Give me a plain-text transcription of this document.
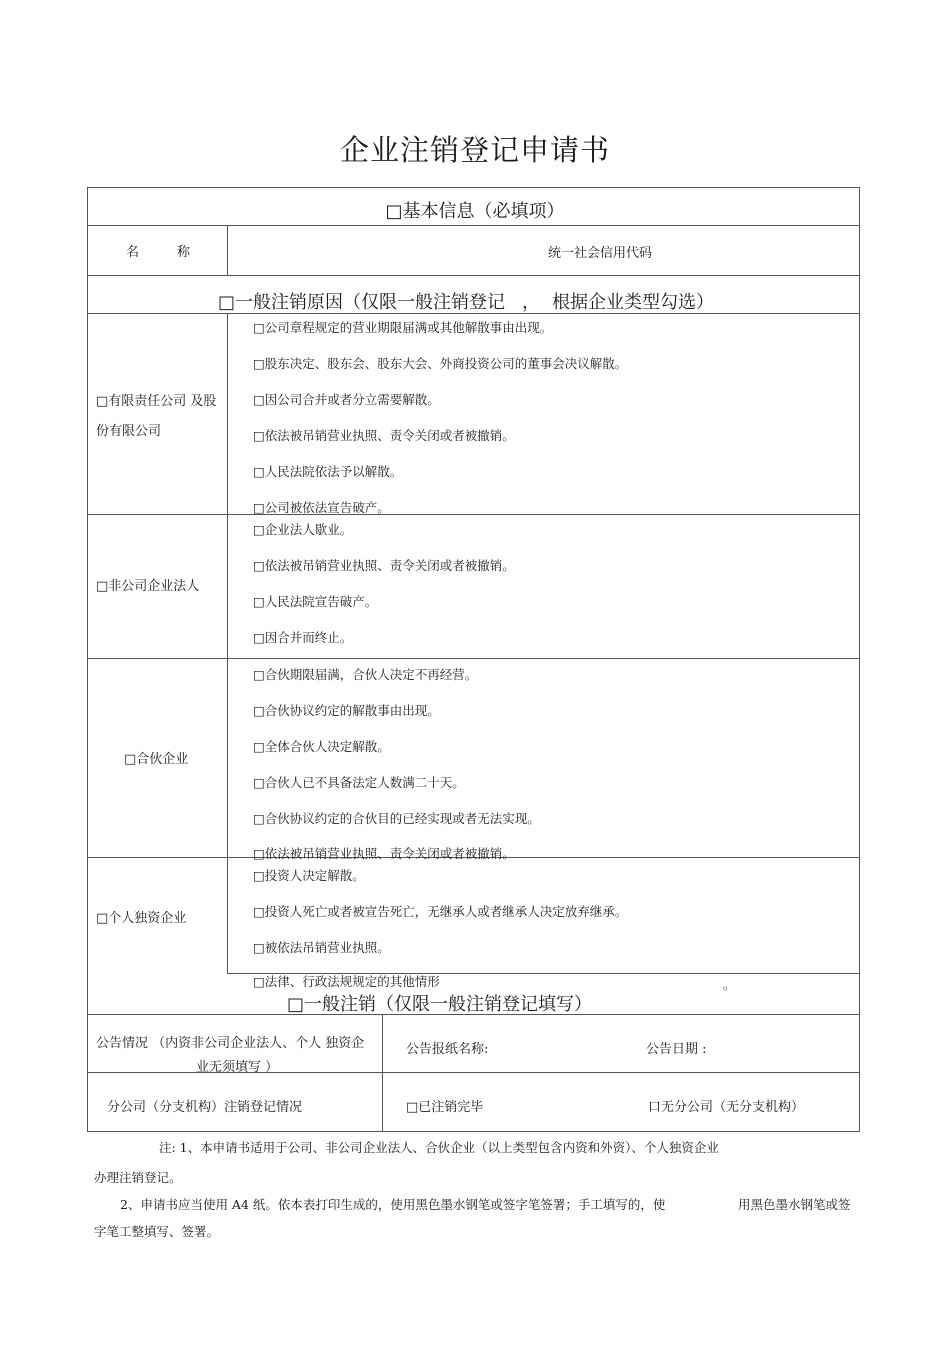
企业注销登记申请书
□基本信息（必填项）
名	称	统一社会信用代码
□一般注销原因（仅限一般注销登记 ， 根据企业类型勾选）
□有限责任公司 及股
份有限公司
□公司章程规定的营业期限届满或其他解散事由出现。
□股东决定、股东会、股东大会、外商投资公司的董事会决议解散。
□因公司合并或者分立需要解散。
□依法被吊销营业执照、责令关闭或者被撤销。
□人民法院依法予以解散。
□公司被依法宣告破产。
□非公司企业法人
□企业法人歇业。
□依法被吊销营业执照、责令关闭或者被撤销。
□人民法院宣告破产。
□因合并而终止。
□合伙企业
□合伙期限届满，合伙人决定不再经营。
□合伙协议约定的解散事由出现。
□全体合伙人决定解散。
□合伙人已不具备法定人数满二十天。
□合伙协议约定的合伙目的已经实现或者无法实现。
□依法被吊销营业执照、责令关闭或者被撤销。
□个人独资企业
□投资人决定解散。
□投资人死亡或者被宣告死亡，无继承人或者继承人决定放弃继承。
□被依法吊销营业执照。
□法律、行政法规规定的其他情形	。
□一般注销（仅限一般注销登记填写）
公告情况 （内资非公司企业法人、个人 独资企
业无须填写 ）
公告报纸名称:	公告日期 :
分公司（分支机构）注销登记情况	□已注销完毕	口无分公司（无分支机构）
注: 1、本申请书适用于公司、非公司企业法人、合伙企业（以上类型包含内资和外资）、个人独资企业
办理注销登记。
2、申请书应当使用 A4 纸。依本表打印生成的，使用黑色墨水钢笔或签字笔签署；手工填写的，使	用黑色墨水钢笔或签
字笔工整填写、签署。
